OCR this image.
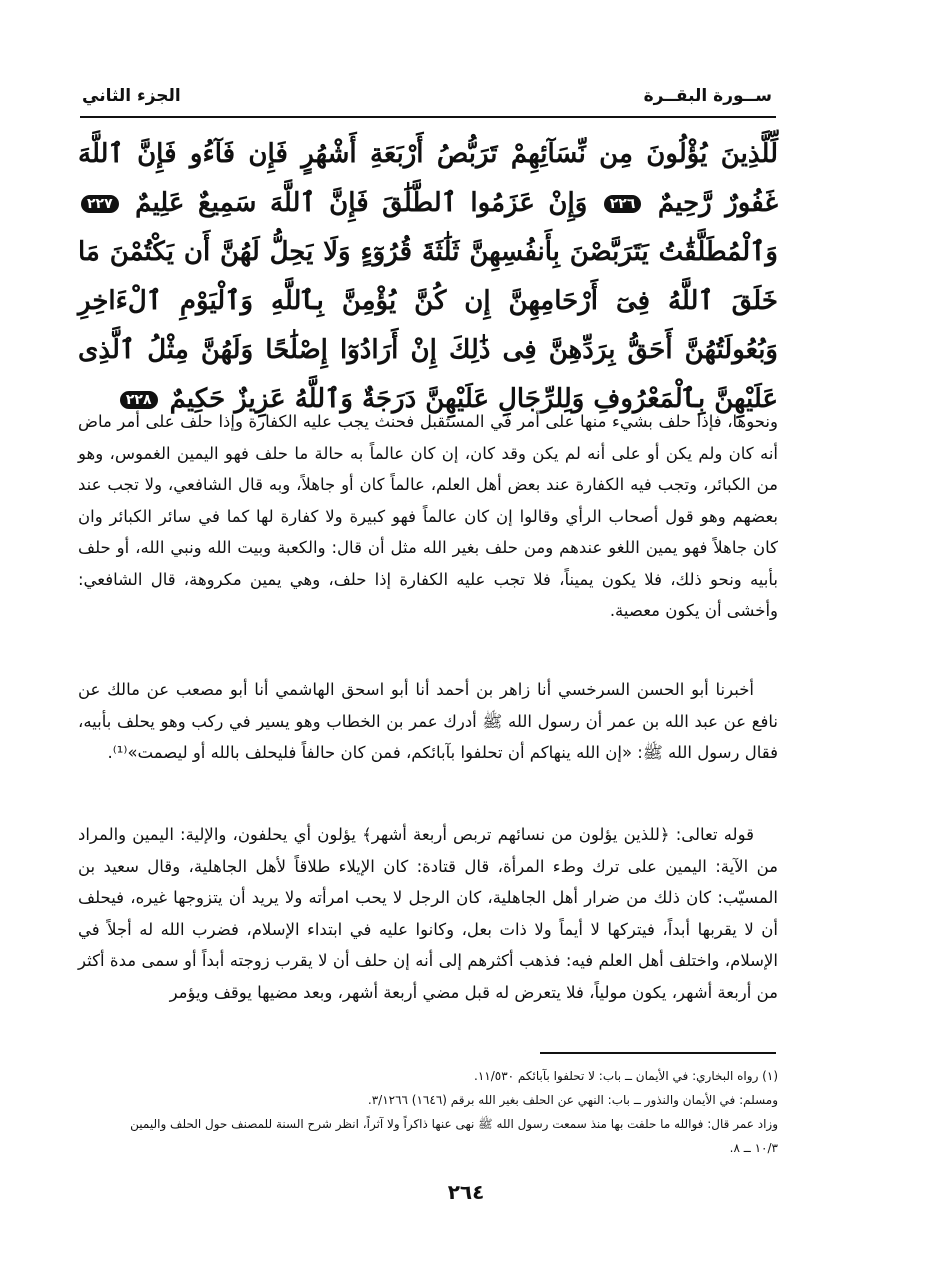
ســورة البقــرة
الجزء الثاني
لِّلَّذِينَ يُؤْلُونَ مِن نِّسَآئِهِمْ تَرَبُّصُ أَرْبَعَةِ أَشْهُرٍ فَإِن فَآءُو فَإِنَّ ٱللَّهَ غَفُورٌ رَّحِيمٌ ٢٢٦ وَإِنْ عَزَمُوا ٱلطَّلَٰقَ فَإِنَّ ٱللَّهَ سَمِيعٌ عَلِيمٌ ٢٢٧ وَٱلْمُطَلَّقَٰتُ يَتَرَبَّصْنَ بِأَنفُسِهِنَّ ثَلَٰثَةَ قُرُوٓءٍ وَلَا يَحِلُّ لَهُنَّ أَن يَكْتُمْنَ مَا خَلَقَ ٱللَّهُ فِىٓ أَرْحَامِهِنَّ إِن كُنَّ يُؤْمِنَّ بِٱللَّهِ وَٱلْيَوْمِ ٱلْءَاخِرِ وَبُعُولَتُهُنَّ أَحَقُّ بِرَدِّهِنَّ فِى ذَٰلِكَ إِنْ أَرَادُوٓا إِصْلَٰحًا وَلَهُنَّ مِثْلُ ٱلَّذِى عَلَيْهِنَّ بِٱلْمَعْرُوفِ وَلِلرِّجَالِ عَلَيْهِنَّ دَرَجَةٌ وَٱللَّهُ عَزِيزٌ حَكِيمٌ ٢٢٨
ونحوها، فإذا حلف بشيء منها على أمر في المستقبل فحنث يجب عليه الكفارة وإذا حلف على أمر ماض أنه كان ولم يكن أو على أنه لم يكن وقد كان، إن كان عالماً به حالة ما حلف فهو اليمين الغموس، وهو من الكبائر، وتجب فيه الكفارة عند بعض أهل العلم، عالماً كان أو جاهلاً، وبه قال الشافعي، ولا تجب عند بعضهم وهو قول أصحاب الرأي وقالوا إن كان عالماً فهو كبيرة ولا كفارة لها كما في سائر الكبائر وان كان جاهلاً فهو يمين اللغو عندهم ومن حلف بغير الله مثل أن قال: والكعبة وبيت الله ونبي الله، أو حلف بأبيه ونحو ذلك، فلا يكون يميناً، فلا تجب عليه الكفارة إذا حلف، وهي يمين مكروهة، قال الشافعي: وأخشى أن يكون معصية.
أخبرنا أبو الحسن السرخسي أنا زاهر بن أحمد أنا أبو اسحق الهاشمي أنا أبو مصعب عن مالك عن نافع عن عبد الله بن عمر أن رسول الله ﷺ أدرك عمر بن الخطاب وهو يسير في ركب وهو يحلف بأبيه، فقال رسول الله ﷺ: «إن الله ينهاكم أن تحلفوا بآبائكم، فمن كان حالفاً فليحلف بالله أو ليصمت»⁽¹⁾.
قوله تعالى: ﴿للذين يؤلون من نسائهم تربص أربعة أشهر﴾ يؤلون أي يحلفون، والإلية: اليمين والمراد من الآية: اليمين على ترك وطء المرأة، قال قتادة: كان الإيلاء طلاقاً لأهل الجاهلية، وقال سعيد بن المسيّب: كان ذلك من ضرار أهل الجاهلية، كان الرجل لا يحب امرأته ولا يريد أن يتزوجها غيره، فيحلف أن لا يقربها أبداً، فيتركها لا أيماً ولا ذات بعل، وكانوا عليه في ابتداء الإسلام، فضرب الله له أجلاً في الإسلام، واختلف أهل العلم فيه: فذهب أكثرهم إلى أنه إن حلف أن لا يقرب زوجته أبداً أو سمى مدة أكثر من أربعة أشهر، يكون مولياً، فلا يتعرض له قبل مضي أربعة أشهر، وبعد مضيها يوقف ويؤمر
(١) رواه البخاري: في الأيمان ــ باب: لا تحلفوا بآبائكم ١١/٥٣٠.
ومسلم: في الأيمان والنذور ــ باب: النهي عن الحلف بغير الله برقم (١٦٤٦) ٣/١٢٦٦.
وزاد عمر قال: فوالله ما حلفت بها منذ سمعت رسول الله ﷺ نهى عنها ذاكراً ولا آثراً، انظر شرح السنة للمصنف حول الحلف واليمين
١٠/٣ ــ ٨.
٢٦٤
